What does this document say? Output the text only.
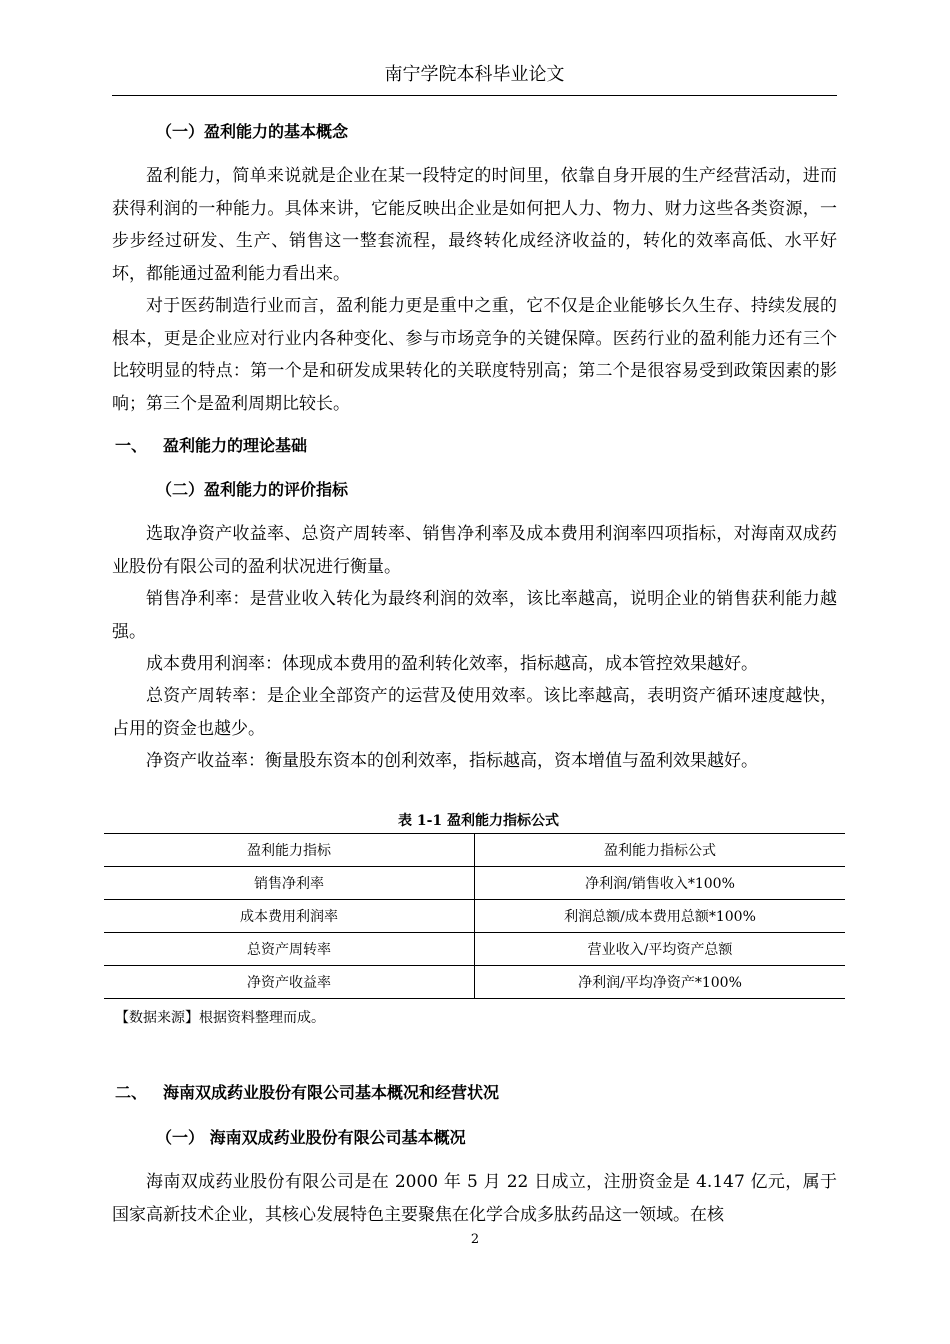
南宁学院本科毕业论文
（一）盈利能力的基本概念

盈利能力，简单来说就是企业在某一段特定的时间里，依靠自身开展的生产经营活动，进而获得利润的一种能力。具体来讲，它能反映出企业是如何把人力、物力、财力这些各类资源，一步步经过研发、生产、销售这一整套流程，最终转化成经济收益的，转化的效率高低、水平好坏，都能通过盈利能力看出来。

对于医药制造行业而言，盈利能力更是重中之重，它不仅是企业能够长久生存、持续发展的根本，更是企业应对行业内各种变化、参与市场竞争的关键保障。医药行业的盈利能力还有三个比较明显的特点：第一个是和研发成果转化的关联度特别高；第二个是很容易受到政策因素的影响；第三个是盈利周期比较长。

一、 盈利能力的理论基础
（二）盈利能力的评价指标

选取净资产收益率、总资产周转率、销售净利率及成本费用利润率四项指标，对海南双成药业股份有限公司的盈利状况进行衡量。

销售净利率：是营业收入转化为最终利润的效率，该比率越高，说明企业的销售获利能力越强。

成本费用利润率：体现成本费用的盈利转化效率，指标越高，成本管控效果越好。

总资产周转率：是企业全部资产的运营及使用效率。该比率越高，表明资产循环速度越快，占用的资金也越少。

净资产收益率：衡量股东资本的创利效率，指标越高，资本增值与盈利效果越好。

表 1-1 盈利能力指标公式
盈利能力指标	盈利能力指标公式
销售净利率	净利润/销售收入*100%
成本费用利润率	利润总额/成本费用总额*100%
总资产周转率	营业收入/平均资产总额
净资产收益率	净利润/平均净资产*100%
【数据来源】根据资料整理而成。
二、 海南双成药业股份有限公司基本概况和经营状况
（一） 海南双成药业股份有限公司基本概况

海南双成药业股份有限公司是在 2000 年 5 月 22 日成立，注册资金是 4.147 亿元，属于国家高新技术企业，其核心发展特色主要聚焦在化学合成多肽药品这一领域。在核

2
